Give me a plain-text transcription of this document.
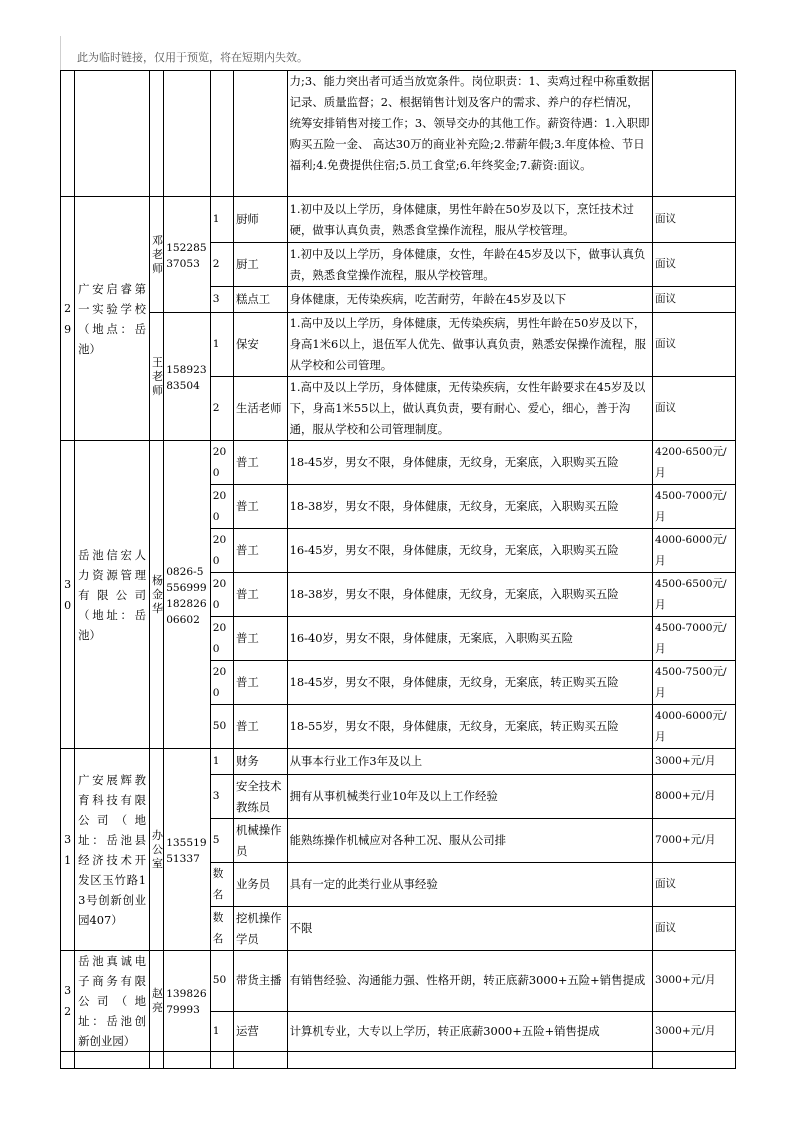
此为临时链接，仅用于预览，将在短期内失效。
						力;3、能力突出者可适当放宽条件。岗位职责：1、卖鸡过程中称重数据记录、质量监督；2、根据销售计划及客户的需求、养户的存栏情况，统筹安排销售对接工作；3、领导交办的其他工作。薪资待遇：1.入职即购买五险一金、 高达30万的商业补充险;2.带薪年假;3.年度体检、节日福利;4.免费提供住宿;5.员工食堂;6.年终奖金;7.薪资:面议。	
29	广安启睿第一实验学校（地点：岳池）	邓老师	152285 37053	1	厨师	1.初中及以上学历，身体健康，男性年龄在50岁及以下，烹饪技术过硬，做事认真负责，熟悉食堂操作流程，服从学校管理。	面议
				2	厨工	1.初中及以上学历，身体健康，女性，年龄在45岁及以下，做事认真负责，熟悉食堂操作流程，服从学校管理。	面议
				3	糕点工	身体健康，无传染疾病，吃苦耐劳，年龄在45岁及以下	面议
		王老师	158923 83504	1	保安	1.高中及以上学历，身体健康，无传染疾病，男性年龄在50岁及以下，身高1米6以上，退伍军人优先、做事认真负责，熟悉安保操作流程，服从学校和公司管理。	面议
				2	生活老师	1.高中及以上学历，身体健康，无传染疾病，女性年龄要求在45岁及以下，身高1米55以上，做认真负责，要有耐心、爱心，细心，善于沟通，服从学校和公司管理制度。	面议
30	岳池信宏人力资源管理有限公司（地址：岳池）	杨金华	0826-5556999 18282606602	200	普工	18-45岁，男女不限，身体健康，无纹身，无案底，入职购买五险	4200-6500元/月
				200	普工	18-38岁，男女不限，身体健康，无纹身，无案底，入职购买五险	4500-7000元/月
				200	普工	16-45岁，男女不限，身体健康，无纹身，无案底，入职购买五险	4000-6000元/月
				200	普工	18-38岁，男女不限，身体健康，无纹身，无案底，入职购买五险	4500-6500元/月
				200	普工	16-40岁，男女不限，身体健康，无案底，入职购买五险	4500-7000元/月
				200	普工	18-45岁，男女不限，身体健康，无纹身，无案底，转正购买五险	4500-7500元/月
				50	普工	18-55岁，男女不限，身体健康，无纹身，无案底，转正购买五险	4000-6000元/月
31	广安展辉教育科技有限公司（地址：岳池县经济技术开发区玉竹路13号创新创业园407）	办公室	135519 51337	1	财务	从事本行业工作3年及以上	3000+元/月
				3	安全技术教练员	拥有从事机械类行业10年及以上工作经验	8000+元/月
				5	机械操作员	能熟练操作机械应对各种工况、服从公司排	7000+元/月
				数名	业务员	具有一定的此类行业从事经验	面议
				数名	挖机操作学员	不限	面议
32	岳池真诚电子商务有限公司（地址：岳池创新创业园）	赵亮	139826 79993	50	带货主播	有销售经验、沟通能力强、性格开朗，转正底薪3000+五险+销售提成	3000+元/月
				1	运营	计算机专业，大专以上学历，转正底薪3000+五险+销售提成	3000+元/月
